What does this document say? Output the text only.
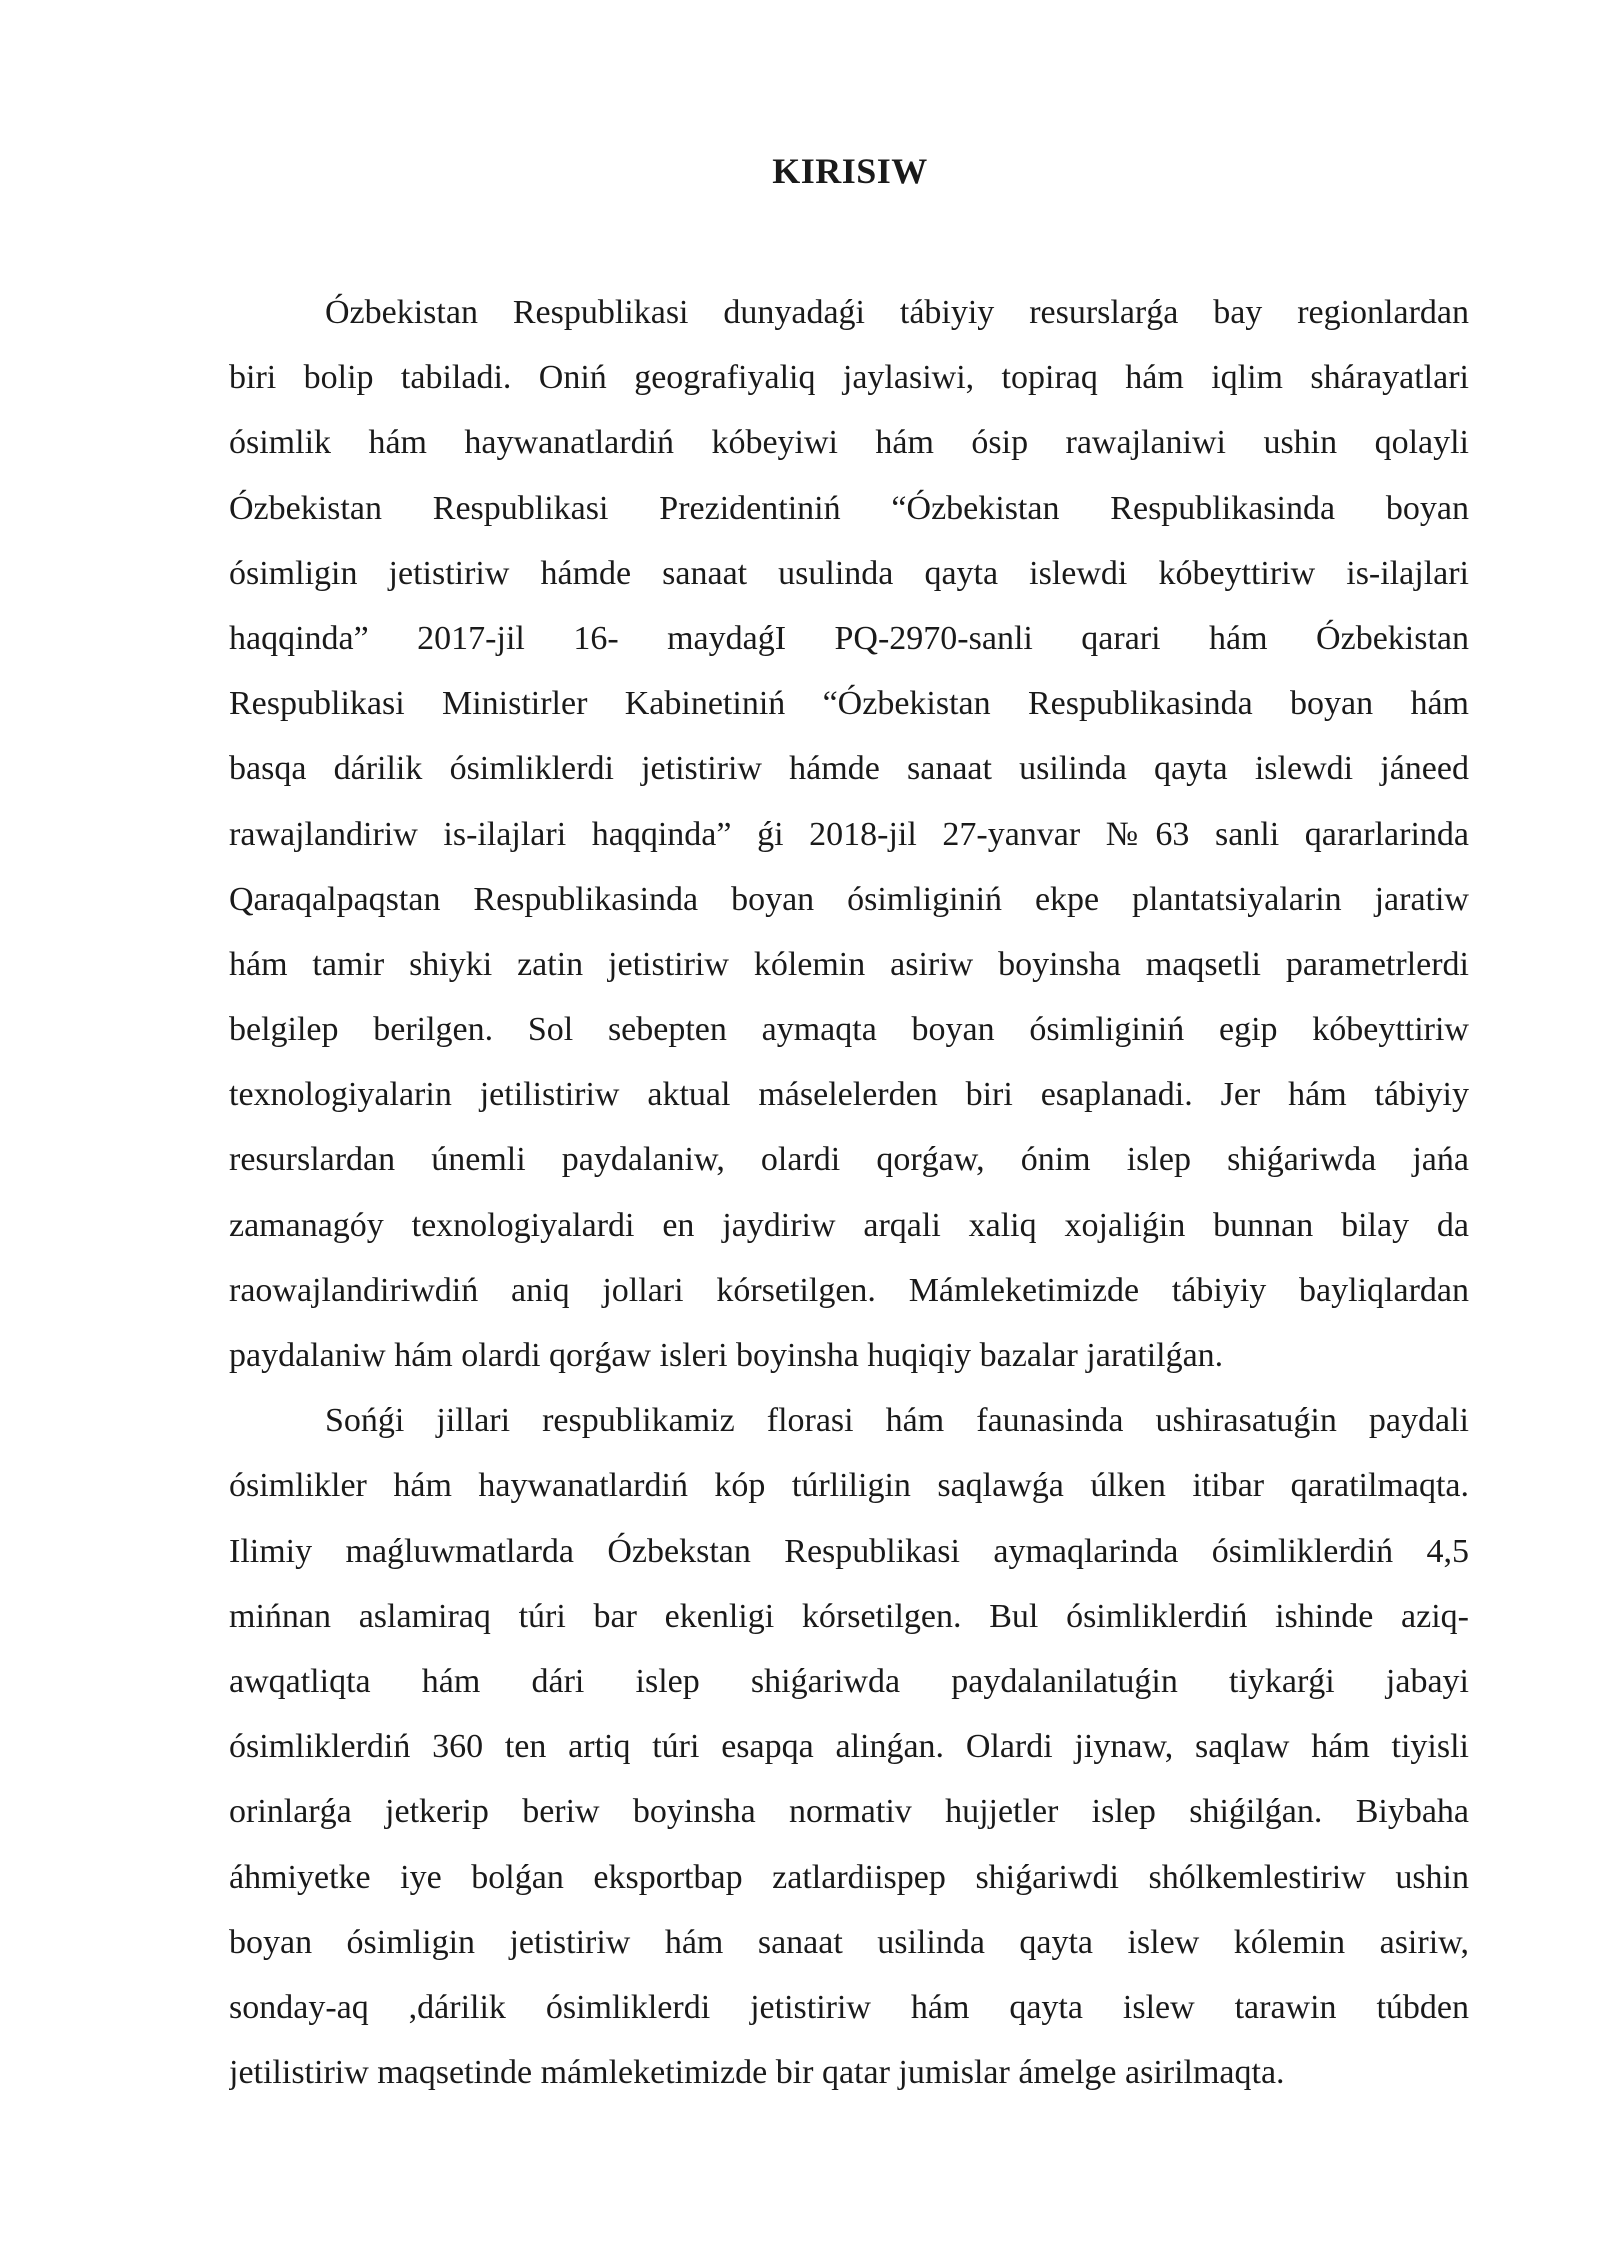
KIRISIW
Ózbekistan Respublikasi dunyadaǵi tábiyiy resurslarǵa bay regionlardan
biri bolip tabiladi. Oniń geografiyaliq jaylasiwi, topiraq hám iqlim shárayatlari
ósimlik hám haywanatlardiń kóbeyiwi hám ósip rawajlaniwi ushin qolayli
Ózbekistan Respublikasi Prezidentiniń “Ózbekistan Respublikasinda boyan
ósimligin jetistiriw hámde sanaat usulinda qayta islewdi kóbeyttiriw is-ilajlari
haqqinda” 2017-jil 16- maydaǵI PQ-2970-sanli qarari hám Ózbekistan
Respublikasi Ministirler Kabinetiniń “Ózbekistan Respublikasinda boyan hám
basqa dárilik ósimliklerdi jetistiriw hámde sanaat usilinda qayta islewdi jáneed
rawajlandiriw is-ilajlari haqqinda” ǵi 2018-jil 27-yanvar №63 sanli qararlarinda
Qaraqalpaqstan Respublikasinda boyan ósimliginiń ekpe plantatsiyalarin jaratiw
hám tamir shiyki zatin jetistiriw kólemin asiriw boyinsha maqsetli parametrlerdi
belgilep berilgen. Sol sebepten aymaqta boyan ósimliginiń egip kóbeyttiriw
texnologiyalarin jetilistiriw aktual máselelerden biri esaplanadi. Jer hám tábiyiy
resurslardan únemli paydalaniw, olardi qorǵaw, ónim islep shiǵariwda jańa
zamanagóy texnologiyalardi en jaydiriw arqali xaliq xojaliǵin bunnan bilay da
raowajlandiriwdiń aniq jollari kórsetilgen. Mámleketimizde tábiyiy bayliqlardan
paydalaniw hám olardi qorǵaw isleri boyinsha huqiqiy bazalar jaratilǵan.
Sońǵi jillari respublikamiz florasi hám faunasinda ushirasatuǵin paydali
ósimlikler hám haywanatlardiń kóp túrliligin saqlawǵa úlken itibar qaratilmaqta.
Ilimiy maǵluwmatlarda Ózbekstan Respublikasi aymaqlarinda ósimliklerdiń 4,5
mińnan aslamiraq túri bar ekenligi kórsetilgen. Bul ósimliklerdiń ishinde aziq-
awqatliqta hám dári islep shiǵariwda paydalanilatuǵin tiykarǵi jabayi
ósimliklerdiń 360 ten artiq túri esapqa alinǵan. Olardi jiynaw, saqlaw hám tiyisli
orinlarǵa jetkerip beriw boyinsha normativ hujjetler islep shiǵilǵan. Biybaha
áhmiyetke iye bolǵan eksportbap zatlardiispep shiǵariwdi shólkemlestiriw ushin
boyan ósimligin jetistiriw hám sanaat usilinda qayta islew kólemin asiriw,
sonday-aq ,dárilik ósimliklerdi jetistiriw hám qayta islew tarawin túbden
jetilistiriw maqsetinde mámleketimizde bir qatar jumislar ámelge asirilmaqta.
